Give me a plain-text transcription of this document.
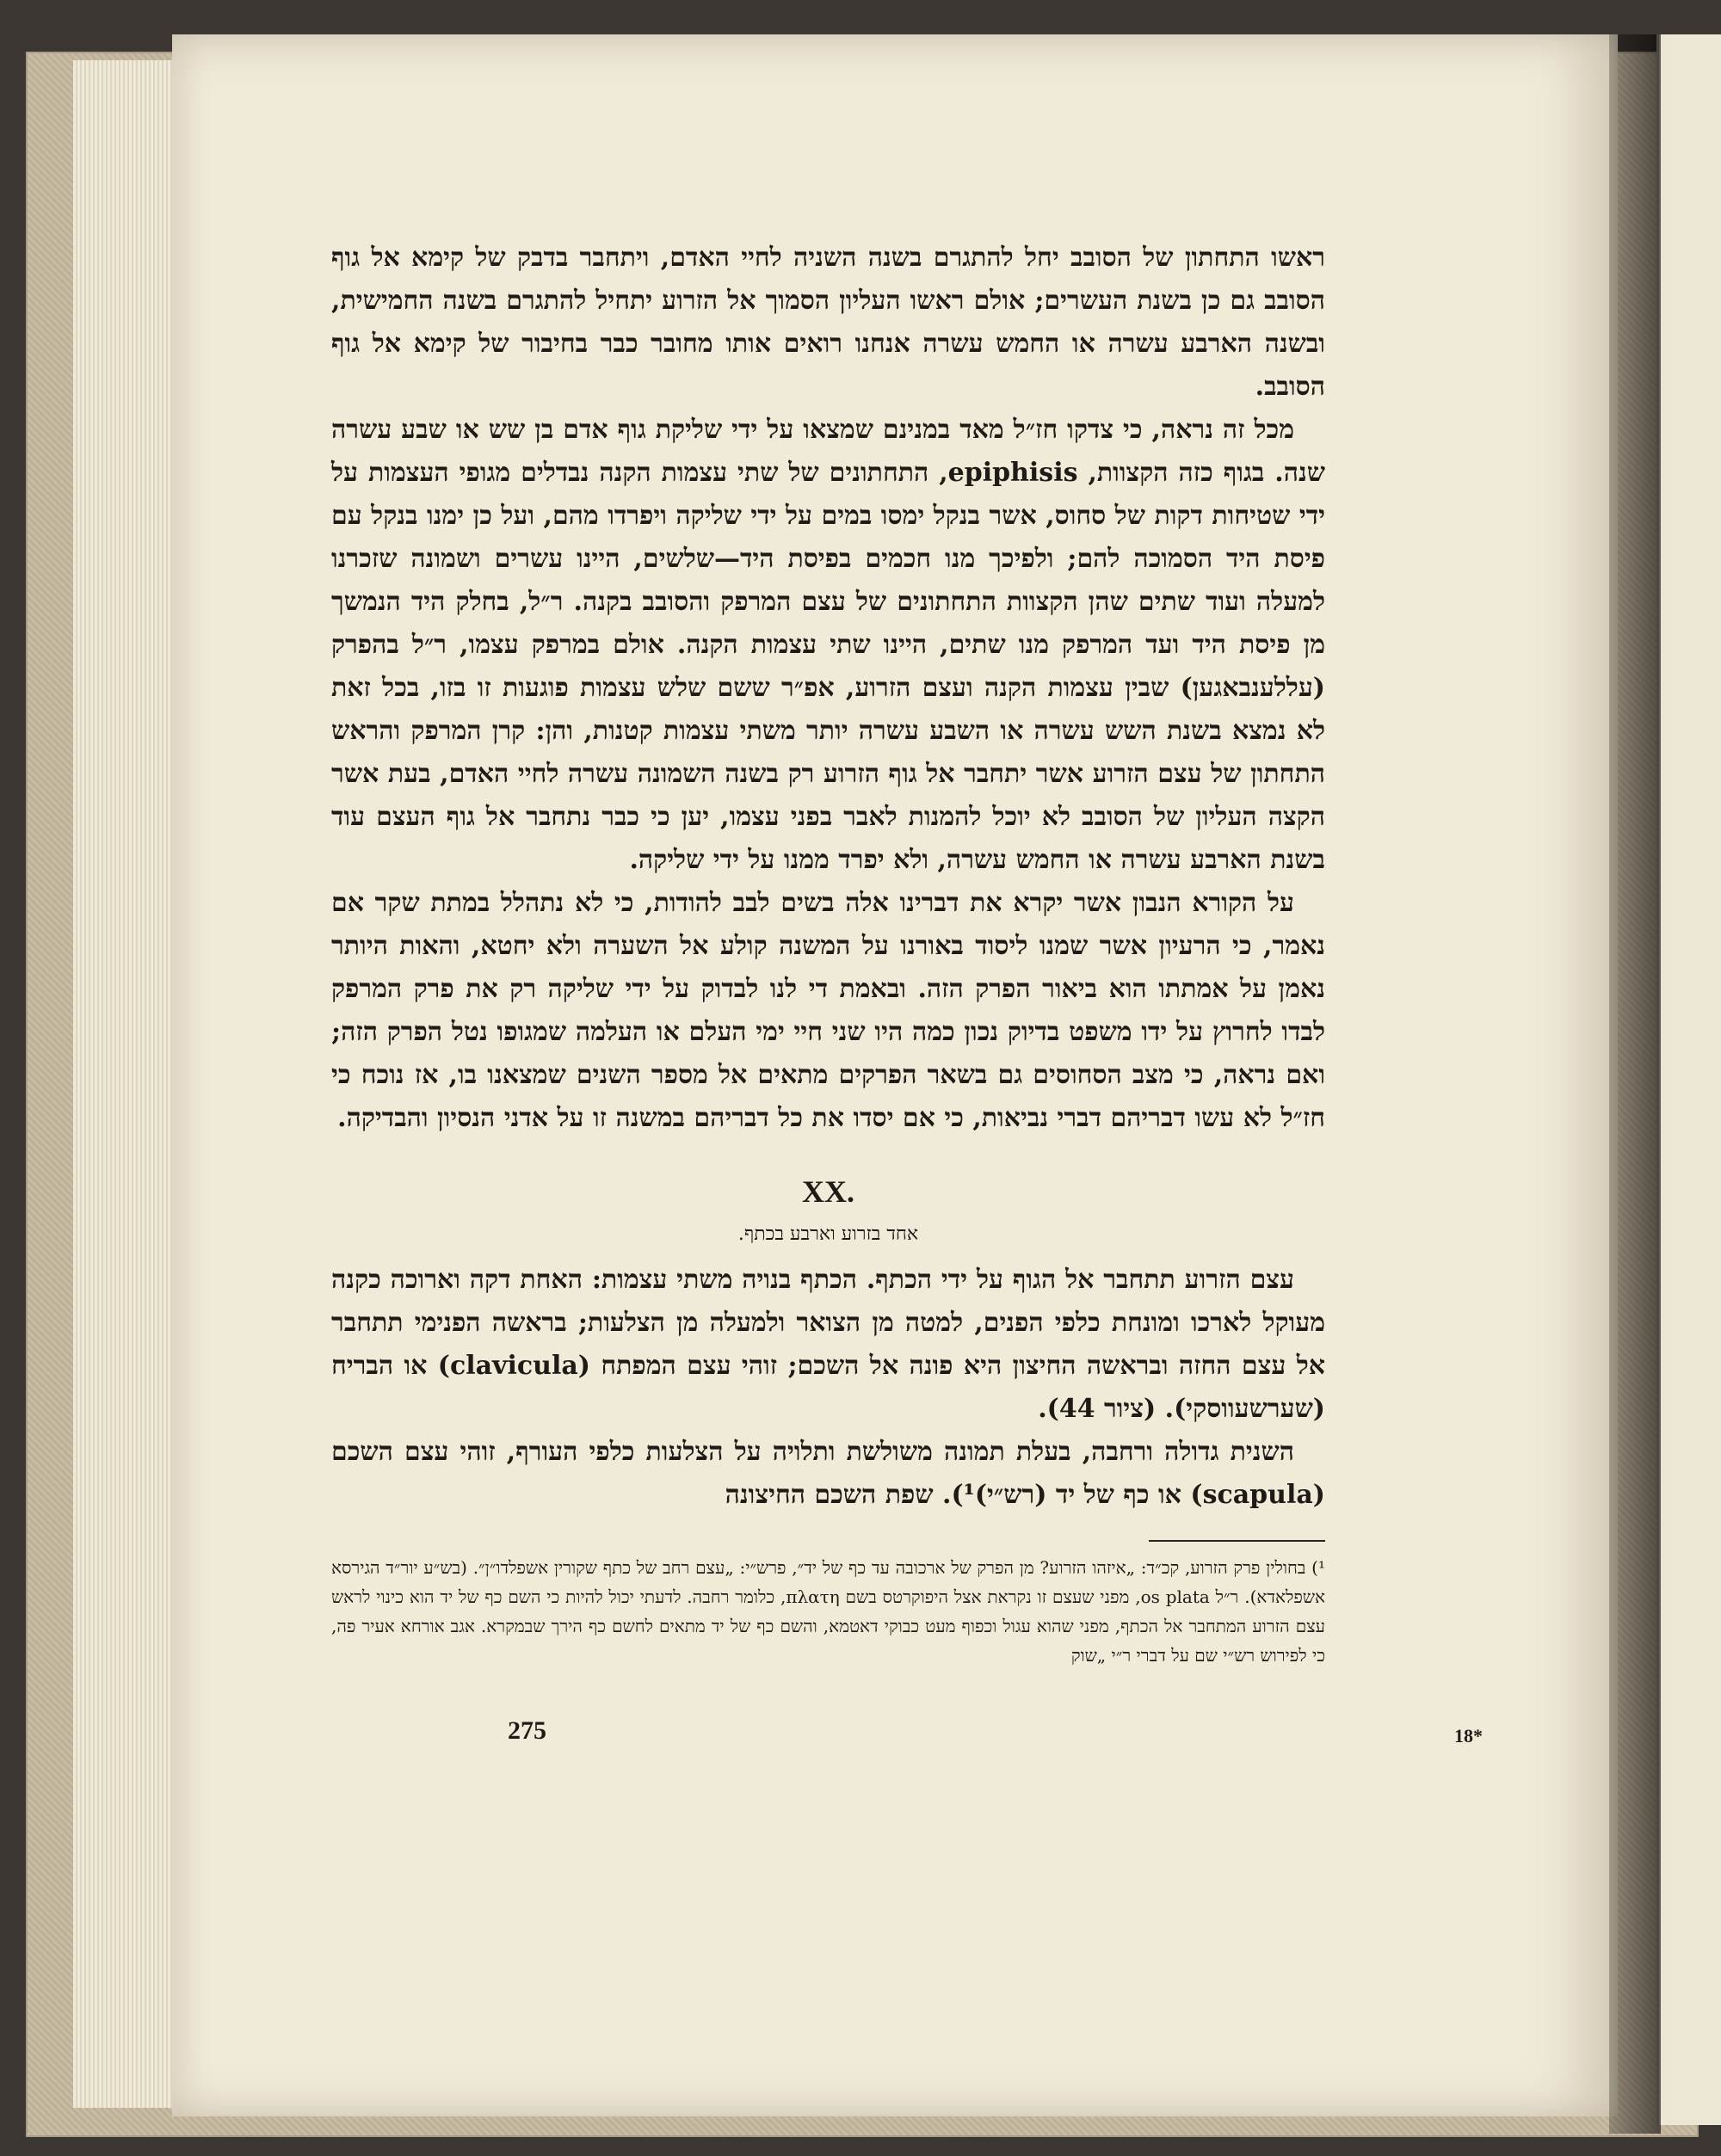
ראשו התחתון של הסובב יחל להתגרם בשנה השניה לחיי האדם, ויתחבר בדבק של קימא אל גוף הסובב גם כן בשנת העשרים; אולם ראשו העליון הסמוך אל הזרוע יתחיל להתגרם בשנה החמישית, ובשנה הארבע עשרה או החמש עשרה אנחנו רואים אותו מחובר כבר בחיבור של קימא אל גוף הסובב.

מכל זה נראה, כי צדקו חז״ל מאד במנינם שמצאו על ידי שליקת גוף אדם בן שש או שבע עשרה שנה. בגוף כזה הקצוות, epiphisis, התחתונים של שתי עצמות הקנה נבדלים מגופי העצמות על ידי שטיחות דקות של סחוס, אשר בנקל ימסו במים על ידי שליקה ויפרדו מהם, ועל כן ימנו בנקל עם פיסת היד הסמוכה להם; ולפיכך מנו חכמים בפיסת היד—שלשים, היינו עשרים ושמונה שזכרנו למעלה ועוד שתים שהן הקצוות התחתונים של עצם המרפק והסובב בקנה. ר״ל, בחלק היד הנמשך מן פיסת היד ועד המרפק מנו שתים, היינו שתי עצמות הקנה. אולם במרפק עצמו, ר״ל בהפרק (עללענבאגען) שבין עצמות הקנה ועצם הזרוע, אפ״ר ששם שלש עצמות פוגעות זו בזו, בכל זאת לא נמצא בשנת השש עשרה או השבע עשרה יותר משתי עצמות קטנות, והן: קרן המרפק והראש התחתון של עצם הזרוע אשר יתחבר אל גוף הזרוע רק בשנה השמונה עשרה לחיי האדם, בעת אשר הקצה העליון של הסובב לא יוכל להמנות לאבר בפני עצמו, יען כי כבר נתחבר אל גוף העצם עוד בשנת הארבע עשרה או החמש עשרה, ולא יפרד ממנו על ידי שליקה.

על הקורא הנבון אשר יקרא את דברינו אלה בשים לבב להודות, כי לא נתהלל במתת שקר אם נאמר, כי הרעיון אשר שמנו ליסוד באורנו על המשנה קולע אל השערה ולא יחטא, והאות היותר נאמן על אמתתו הוא ביאור הפרק הזה. ובאמת די לנו לבדוק על ידי שליקה רק את פרק המרפק לבדו לחרוץ על ידו משפט בדיוק נכון כמה היו שני חיי ימי העלם או העלמה שמגופו נטל הפרק הזה; ואם נראה, כי מצב הסחוסים גם בשאר הפרקים מתאים אל מספר השנים שמצאנו בו, אז נוכח כי חז״ל לא עשו דבריהם דברי נביאות, כי אם יסדו את כל דבריהם במשנה זו על אדני הנסיון והבדיקה.

XX.
אחד בזרוע וארבע בכתף.

עצם הזרוע תתחבר אל הגוף על ידי הכתף. הכתף בנויה משתי עצמות: האחת דקה וארוכה כקנה מעוקל לארכו ומונחת כלפי הפנים, למטה מן הצואר ולמעלה מן הצלעות; בראשה הפנימי תתחבר אל עצם החזה ובראשה החיצון היא פונה אל השכם; זוהי עצם המפתח (clavicula) או הבריח (שערשעווסקי). (ציור 44).

השנית גדולה ורחבה, בעלת תמונה משולשת ותלויה על הצלעות כלפי העורף, זוהי עצם השכם (scapula) או כף של יד (רש״י)¹). שפת השכם החיצונה

¹) בחולין פרק הזרוע, קכ״ד: „איזהו הזרוע? מן הפרק של ארכובה עד כף של יד״, פרש״י: „עצם רחב של כתף שקורין אשפלדו״ן״. (בש״ע יור״ד הגירסא אשפלאדא). ר״ל os plata, מפני שעצם זו נקראת אצל היפוקרטס בשם πλατη, כלומר רחבה. לדעתי יכול להיות כי השם כף של יד הוא כינוי לראש עצם הזרוע המתחבר אל הכתף, מפני שהוא עגול וכפוף מעט כבוקי דאטמא, והשם כף של יד מתאים לחשם כף הירך שבמקרא. אגב אורחא אעיר פה, כי לפירוש רש״י שם על דברי ר״י „שוק

275	18*
